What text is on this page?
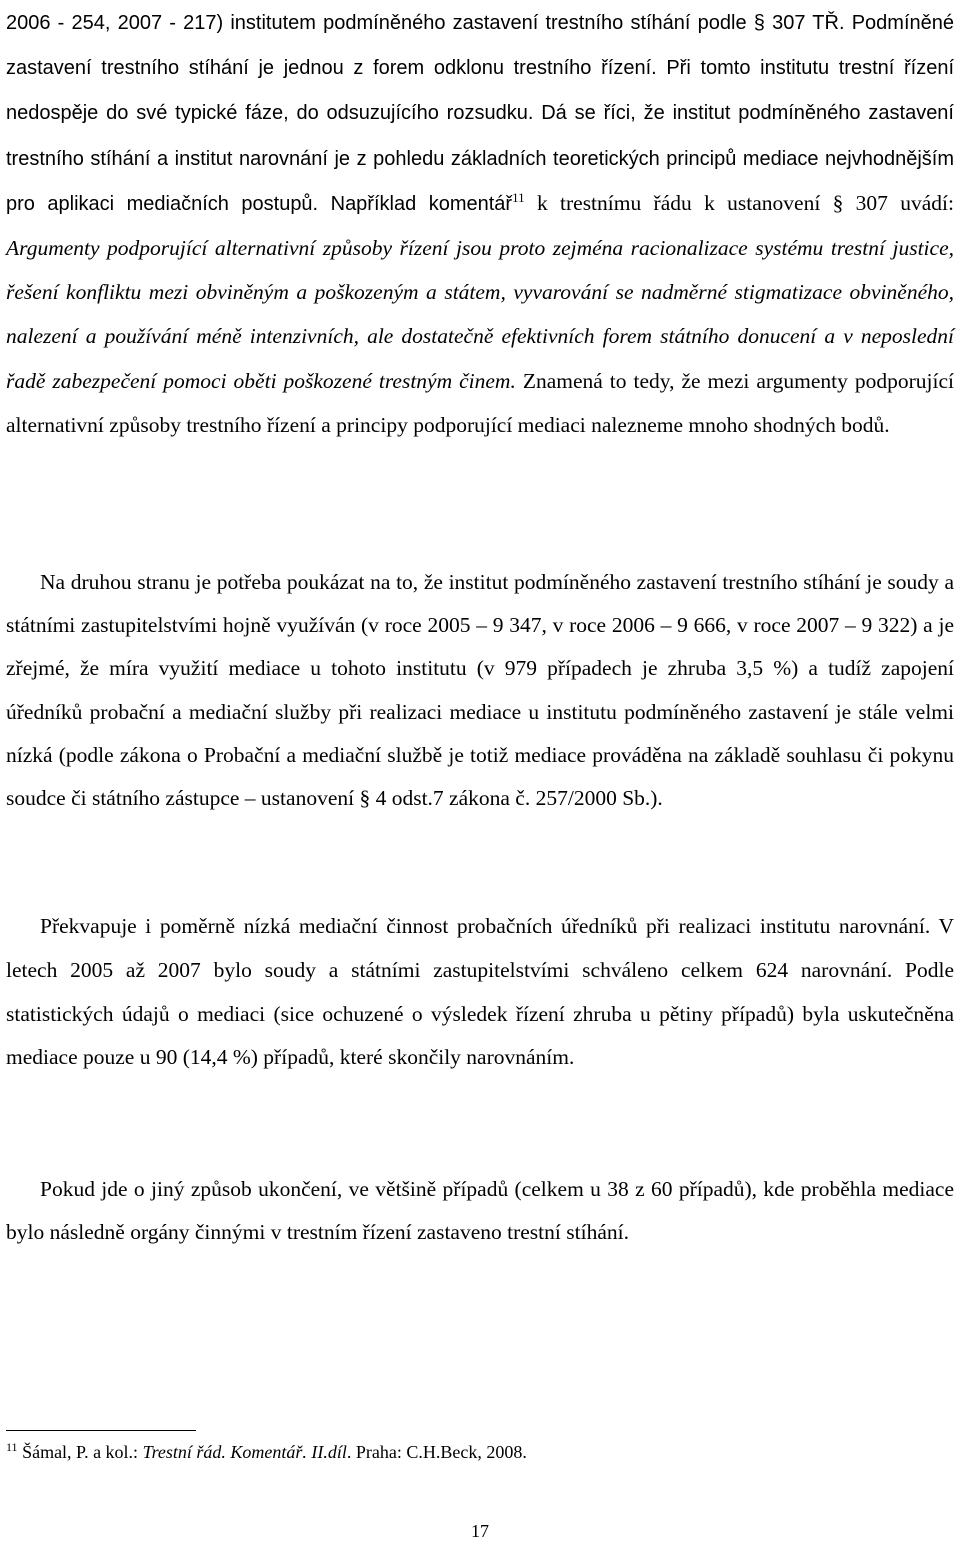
2006 - 254, 2007 - 217) institutem podmíněného zastavení trestního stíhání podle § 307 TŘ. Podmíněné zastavení trestního stíhání je jednou z forem odklonu trestního řízení. Při tomto institutu trestní řízení nedospěje do své typické fáze, do odsuzujícího rozsudku. Dá se říci, že institut podmíněného zastavení trestního stíhání a institut narovnání je z pohledu základních teoretických principů mediace nejvhodnějším pro aplikaci mediačních postupů. Například komentář$^{11}$ k trestnímu řádu k ustanovení § 307 uvádí: Argumenty podporující alternativní způsoby řízení jsou proto zejména racionalizace systému trestní justice, řešení konfliktu mezi obviněným a poškozeným a státem, vyvarování se nadměrné stigmatizace obviněného, nalezení a používání méně intenzivních, ale dostatečně efektivních forem státního donucení a v neposlední řadě zabezpečení pomoci oběti poškozené trestným činem. Znamená to tedy, že mezi argumenty podporující alternativní způsoby trestního řízení a principy podporující mediaci nalezneme mnoho shodných bodů.

Na druhou stranu je potřeba poukázat na to, že institut podmíněného zastavení trestního stíhání je soudy a státními zastupitelstvími hojně využíván (v roce 2005 – 9 347, v roce 2006 – 9 666, v roce 2007 – 9 322) a je zřejmé, že míra využití mediace u tohoto institutu (v 979 případech je zhruba 3,5 %) a tudíž zapojení úředníků probační a mediační služby při realizaci mediace u institutu podmíněného zastavení je stále velmi nízká (podle zákona o Probační a mediační službě je totiž mediace prováděna na základě souhlasu či pokynu soudce či státního zástupce – ustanovení § 4 odst.7 zákona č. 257/2000 Sb.).

Překvapuje i poměrně nízká mediační činnost probačních úředníků při realizaci institutu narovnání. V letech 2005 až 2007 bylo soudy a státními zastupitelstvími schváleno celkem 624 narovnání. Podle statistických údajů o mediaci (sice ochuzené o výsledek řízení zhruba u pětiny případů) byla uskutečněna mediace pouze u 90 (14,4 %) případů, které skončily narovnáním.

Pokud jde o jiný způsob ukončení, ve většině případů (celkem u 38 z 60 případů), kde proběhla mediace bylo následně orgány činnými v trestním řízení zastaveno trestní stíhání.

$^{11}$ Šámal, P. a kol.: Trestní řád. Komentář. II.díl. Praha: C.H.Beck, 2008.
17
